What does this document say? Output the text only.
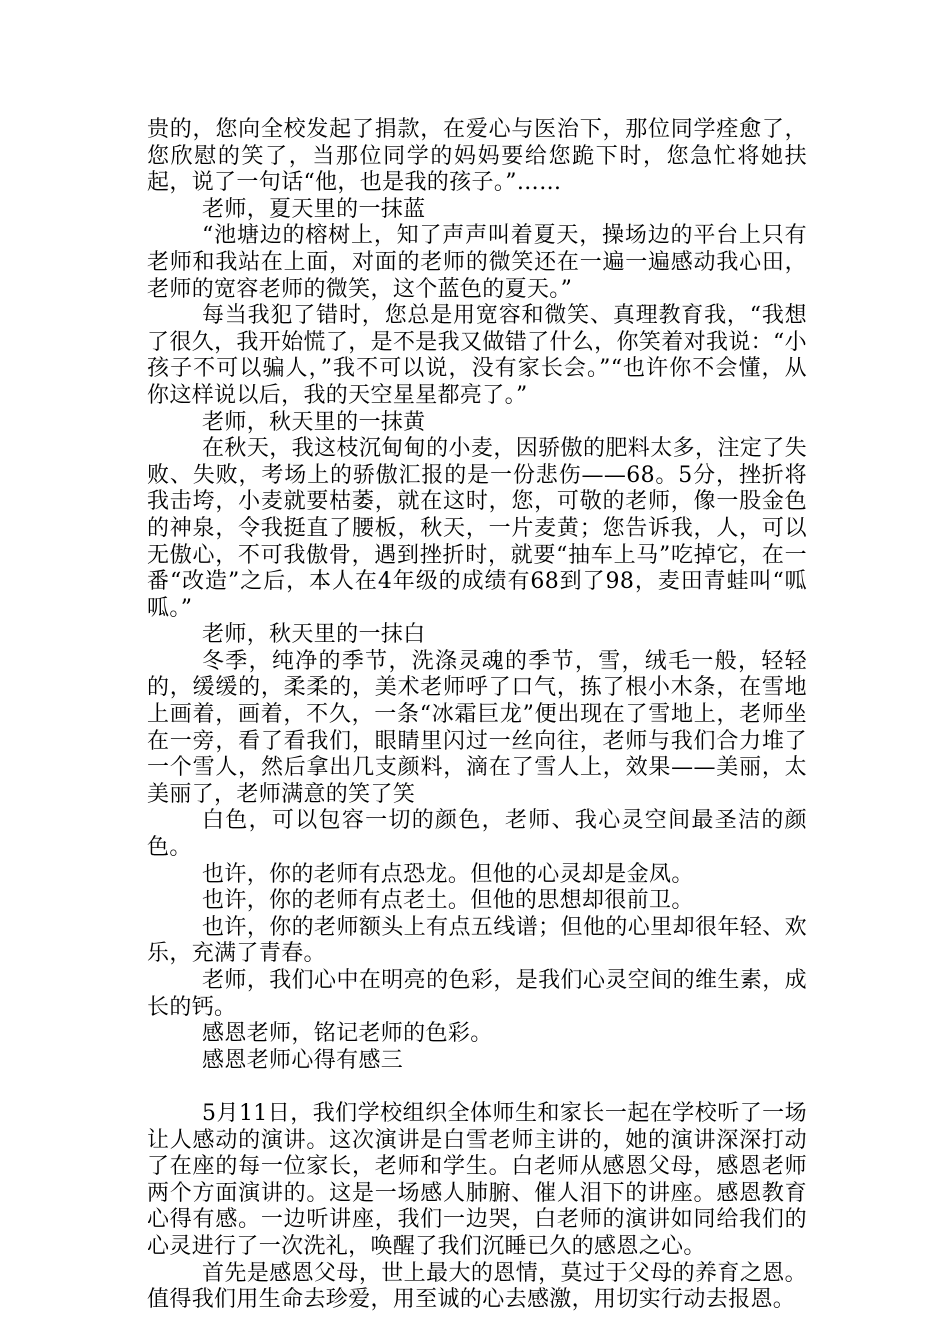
贵的，您向全校发起了捐款，在爱心与医治下，那位同学痊愈了，您欣慰的笑了，当那位同学的妈妈要给您跪下时，您急忙将她扶起，说了一句话“他，也是我的孩子。”……

老师，夏天里的一抹蓝

“池塘边的榕树上，知了声声叫着夏天，操场边的平台上只有老师和我站在上面，对面的老师的微笑还在一遍一遍感动我心田，老师的宽容老师的微笑，这个蓝色的夏天。”

每当我犯了错时，您总是用宽容和微笑、真理教育我，“我想了很久，我开始慌了，是不是我又做错了什么，你笑着对我说：“小孩子不可以骗人，”我不可以说，没有家长会。”“也许你不会懂，从你这样说以后，我的天空星星都亮了。”

老师，秋天里的一抹黄

在秋天，我这枝沉甸甸的小麦，因骄傲的肥料太多，注定了失败、失败，考场上的骄傲汇报的是一份悲伤——68。5分，挫折将我击垮，小麦就要枯萎，就在这时，您，可敬的老师，像一股金色的神泉，令我挺直了腰板，秋天，一片麦黄；您告诉我，人，可以无傲心，不可我傲骨，遇到挫折时，就要“抽车上马”吃掉它，在一番“改造”之后，本人在4年级的成绩有68到了98，麦田青蛙叫“呱呱。”

老师，秋天里的一抹白

冬季，纯净的季节，洗涤灵魂的季节，雪，绒毛一般，轻轻的，缓缓的，柔柔的，美术老师呼了口气，拣了根小木条，在雪地上画着，画着，不久，一条“冰霜巨龙”便出现在了雪地上，老师坐在一旁，看了看我们，眼睛里闪过一丝向往，老师与我们合力堆了一个雪人，然后拿出几支颜料，滴在了雪人上，效果——美丽，太美丽了，老师满意的笑了笑

白色，可以包容一切的颜色，老师、我心灵空间最圣洁的颜色。

也许，你的老师有点恐龙。但他的心灵却是金凤。

也许，你的老师有点老土。但他的思想却很前卫。

也许，你的老师额头上有点五线谱；但他的心里却很年轻、欢乐，充满了青春。

老师，我们心中在明亮的色彩，是我们心灵空间的维生素，成长的钙。

感恩老师，铭记老师的色彩。

感恩老师心得有感三

5月11日，我们学校组织全体师生和家长一起在学校听了一场让人感动的演讲。这次演讲是白雪老师主讲的，她的演讲深深打动了在座的每一位家长，老师和学生。白老师从感恩父母，感恩老师两个方面演讲的。这是一场感人肺腑、催人泪下的讲座。感恩教育心得有感。一边听讲座，我们一边哭，白老师的演讲如同给我们的心灵进行了一次洗礼，唤醒了我们沉睡已久的感恩之心。

首先是感恩父母，世上最大的恩情，莫过于父母的养育之恩。值得我们用生命去珍爱，用至诚的心去感激，用切实行动去报恩。
